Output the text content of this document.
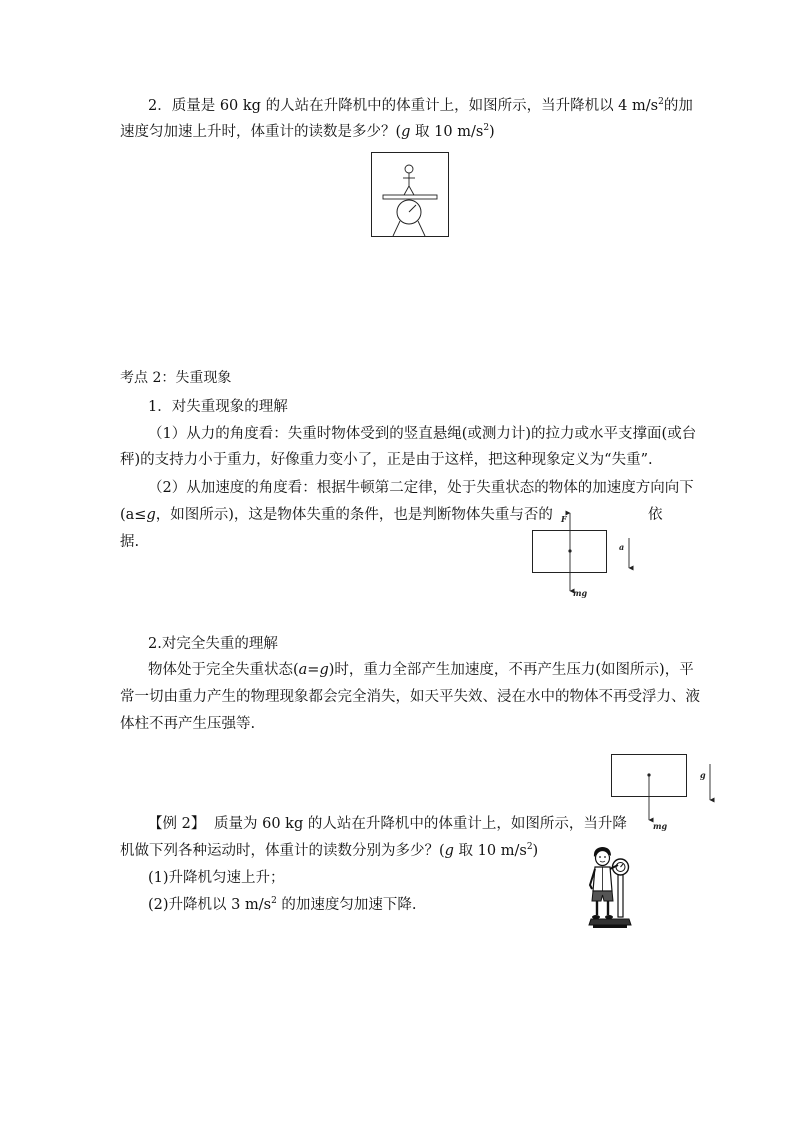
2．质量是 60 kg 的人站在升降机中的体重计上，如图所示，当升降机以 4 $m/s^2$的加
速度匀加速上升时，体重计的读数是多少？(g 取 10 $m/s^2$)
考点 2：失重现象
1．对失重现象的理解
（1）从力的角度看：失重时物体受到的竖直悬绳(或测力计)的拉力或水平支撑面(或台
秤)的支持力小于重力，好像重力变小了，正是由于这样，把这种现象定义为“失重”.
（2）从加速度的角度看：根据牛顿第二定律，处于失重状态的物体的加速度方向向下
(a≤g，如图所示)，这是物体失重的条件，也是判断物体失重与否的	依
据.
F
a
mg
2.对完全失重的理解
物体处于完全失重状态(a=g)时，重力全部产生加速度，不再产生压力(如图所示)，平
常一切由重力产生的物理现象都会完全消失，如天平失效、浸在水中的物体不再受浮力、液
体柱不再产生压强等.
g
mg
【例 2】 质量为 60 kg 的人站在升降机中的体重计上，如图所示，当升降
机做下列各种运动时，体重计的读数分别为多少？(g 取 10 $m/s^2$)
(1)升降机匀速上升；
(2)升降机以 3 $m/s^2$ 的加速度匀加速下降.
